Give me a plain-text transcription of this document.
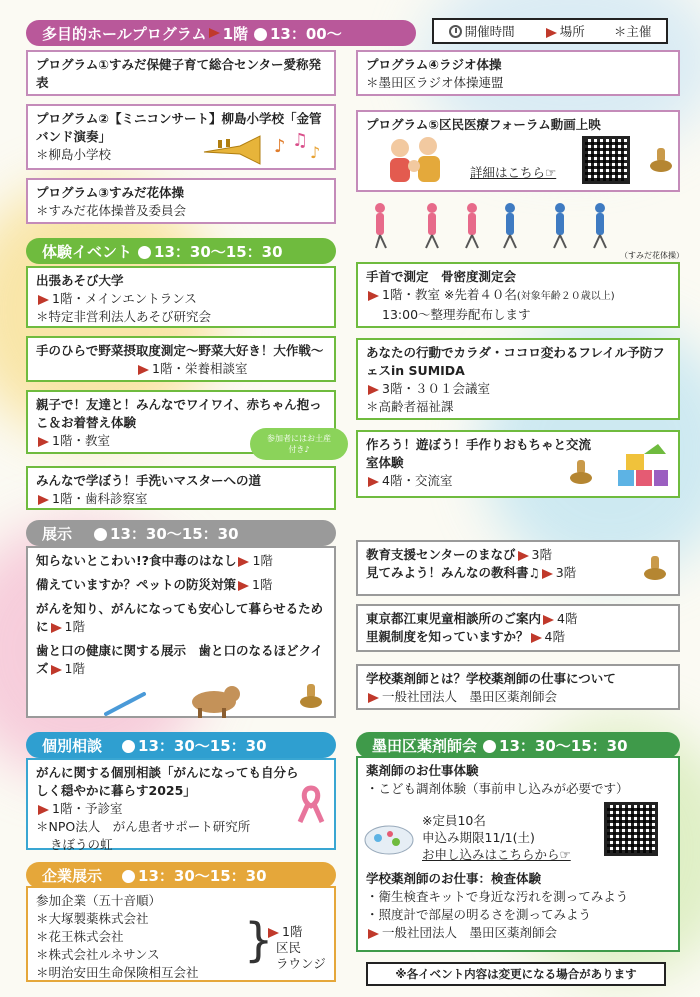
多目的ホールプログラム 1階	13：00〜	開催時間	場所 ＊主催
プログラム①すみだ保健子育て総合センター愛称発表
プログラム②【ミニコンサート】柳島小学校「金管バンド演奏」
＊柳島小学校	♪ ♫
♪
プログラム③すみだ花体操
＊すみだ花体操普及委員会
プログラム④ラジオ体操
＊墨田区ラジオ体操連盟
プログラム⑤区民医療フォーラム動画上映
詳細はこちら☞
（すみだ花体操）
体験イベント	13：30〜15：30
出張あそび大学
1階・メインエントランス
＊特定非営利法人あそび研究会
手のひらで野菜摂取度測定〜野菜大好き！大作戦〜
1階・栄養相談室
親子で！友達と！みんなでワイワイ、赤ちゃん抱っこ＆お着替え体験
1階・教室	参加者にはお土産付き♪
みんなで学ぼう！手洗いマスターへの道
1階・歯科診察室
手首で測定　骨密度測定会
1階・教室 ※先着４０名(対象年齢２０歳以上)
13:00〜整理券配布します
あなたの行動でカラダ・ココロ変わるフレイル予防フェスin SUMIDA
3階・３０１会議室
＊高齢者福祉課
作ろう！遊ぼう！手作りおもちゃと交流室体験
4階・交流室
展示	13：30〜15：30
知らないとこわい!?食中毒のはなし 1階
備えていますか？ペットの防災対策 1階
がんを知り、がんになっても安心して暮らせるために 1階
歯と口の健康に関する展示　歯と口のなるほどクイズ 1階
教育支援センターのまなび 3階
見てみよう！みんなの教科書♫ 3階
東京都江東児童相談所のご案内 4階
里親制度を知っていますか？ 4階
学校薬剤師とは？学校薬剤師の仕事について
一般社団法人　墨田区薬剤師会
個別相談	13：30〜15：30
がんに関する個別相談「がんになっても自分らしく穏やかに暮らす2025」
1階・予診室
＊NPO法人　がん患者サポート研究所
きぼうの虹
企業展示	13：30〜15：30
参加企業（五十音順）
＊大塚製薬株式会社
＊花王株式会社
＊株式会社ルネサンス
＊明治安田生命保険相互会社
} 1階
区民
ラウンジ
墨田区薬剤師会	13：30〜15：30
薬剤師のお仕事体験
・こども調剤体験（事前申し込みが必要です）
※定員10名
申込み期限11/1(土)
お申し込みはこちらから☞
学校薬剤師のお仕事：検査体験
・衛生検査キットで身近な汚れを測ってみよう
・照度計で部屋の明るさを測ってみよう
一般社団法人　墨田区薬剤師会
※各イベント内容は変更になる場合があります
